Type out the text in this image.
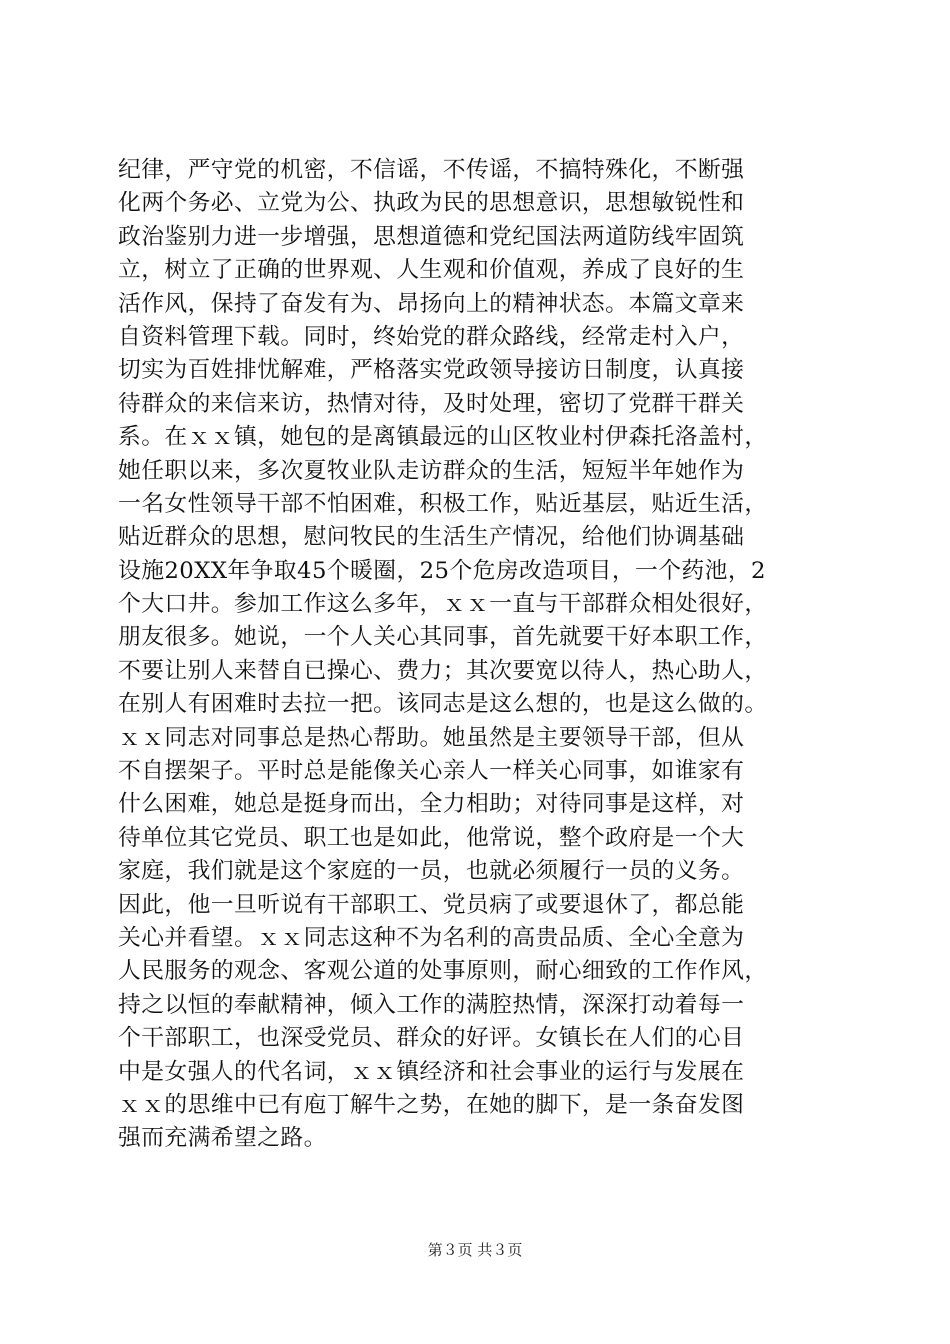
纪律，严守党的机密，不信谣，不传谣，不搞特殊化，不断强
化两个务必、立党为公、执政为民的思想意识，思想敏锐性和
政治鉴别力进一步增强，思想道德和党纪国法两道防线牢固筑
立，树立了正确的世界观、人生观和价值观，养成了良好的生
活作风，保持了奋发有为、昂扬向上的精神状态。本篇文章来
自资料管理下载。同时，终始党的群众路线，经常走村入户，
切实为百姓排忧解难，严格落实党政领导接访日制度，认真接
待群众的来信来访，热情对待，及时处理，密切了党群干群关
系。在ｘｘ镇，她包的是离镇最远的山区牧业村伊森托洛盖村，
她任职以来，多次夏牧业队走访群众的生活，短短半年她作为
一名女性领导干部不怕困难，积极工作，贴近基层，贴近生活，
贴近群众的思想，慰问牧民的生活生产情况，给他们协调基础
设施20XX年争取45个暖圈，25个危房改造项目，一个药池，2
个大口井。参加工作这么多年，ｘｘ一直与干部群众相处很好，
朋友很多。她说，一个人关心其同事，首先就要干好本职工作，
不要让别人来替自已操心、费力；其次要宽以待人，热心助人，
在别人有困难时去拉一把。该同志是这么想的，也是这么做的。
ｘｘ同志对同事总是热心帮助。她虽然是主要领导干部，但从
不自摆架子。平时总是能像关心亲人一样关心同事，如谁家有
什么困难，她总是挺身而出，全力相助；对待同事是这样，对
待单位其它党员、职工也是如此，他常说，整个政府是一个大
家庭，我们就是这个家庭的一员，也就必须履行一员的义务。
因此，他一旦听说有干部职工、党员病了或要退休了，都总能
关心并看望。ｘｘ同志这种不为名利的高贵品质、全心全意为
人民服务的观念、客观公道的处事原则，耐心细致的工作作风，
持之以恒的奉献精神，倾入工作的满腔热情，深深打动着每一
个干部职工，也深受党员、群众的好评。女镇长在人们的心目
中是女强人的代名词，ｘｘ镇经济和社会事业的运行与发展在
ｘｘ的思维中已有庖丁解牛之势，在她的脚下，是一条奋发图
强而充满希望之路。
第３页 共３页
